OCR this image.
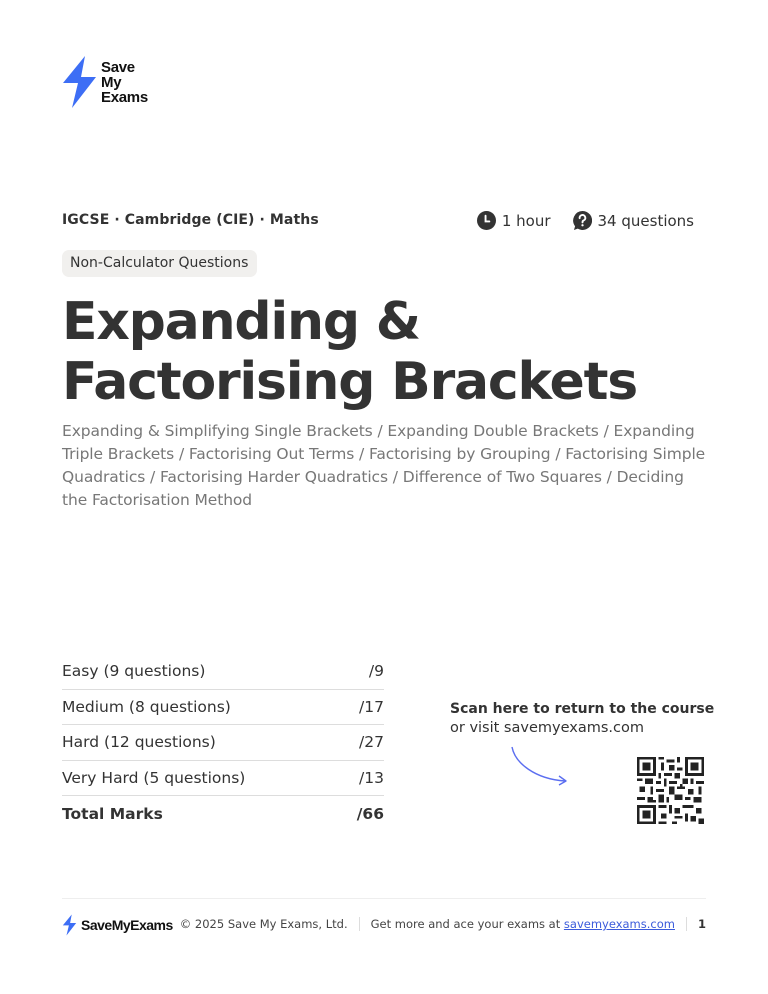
Save
My
Exams
IGCSE · Cambridge (CIE) · Maths	1 hour	34 questions
Non-Calculator Questions
Expanding &
Factorising Brackets

Expanding & Simplifying Single Brackets / Expanding Double Brackets / Expanding Triple Brackets / Factorising Out Terms / Factorising by Grouping / Factorising Simple Quadratics / Factorising Harder Quadratics / Difference of Two Squares / Deciding the Factorisation Method

Easy (9 questions)	/9
Medium (8 questions)	/17
Hard (12 questions)	/27
Very Hard (5 questions)	/13
Total Marks	/66
Scan here to return to the course
or visit savemyexams.com
SaveMyExams © 2025 Save My Exams, Ltd. Get more and ace your exams at savemyexams.com 1
